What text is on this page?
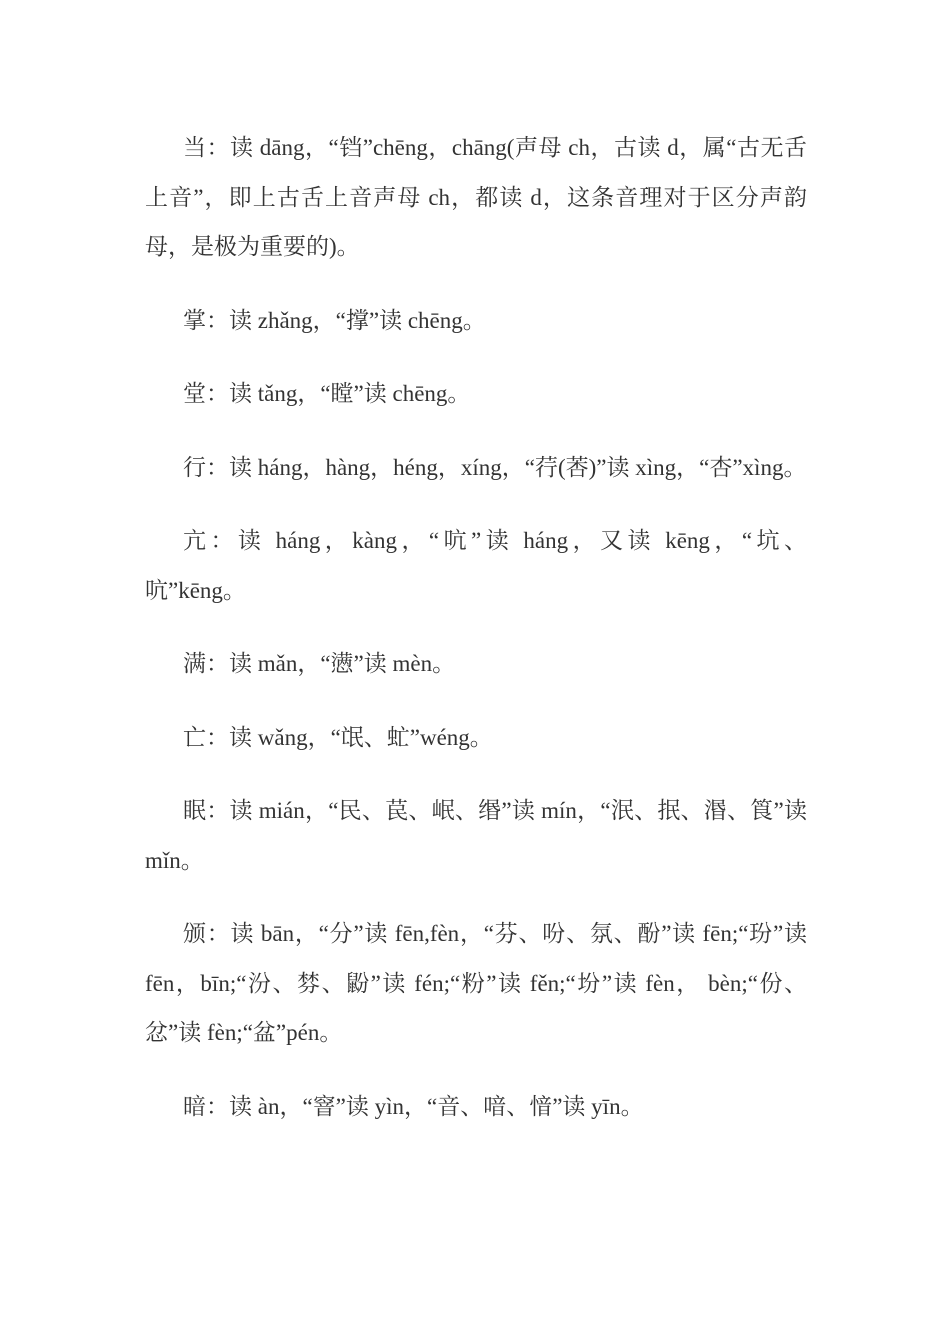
当：读 dāng，“铛”chēng，chāng(声母 ch，古读 d，属“古无舌上音”，即上古舌上音声母 ch，都读 d，这条音理对于区分声韵母，是极为重要的)。

掌：读 zhǎng，“撑”读 chēng。

堂：读 tǎng，“瞠”读 chēng。

行：读 háng，hàng，héng，xíng，“荇(莕)”读 xìng，“杏”xìng。

亢：读 háng，kàng，“吭”读 háng，又读 kēng，“坑、吭”kēng。

满：读 mǎn，“懑”读 mèn。

亡：读 wǎng，“氓、虻”wéng。

眠：读 mián，“民、苠、岷、缗”读 mín，“泯、抿、湣、筤”读 mǐn。

颁：读 bān，“分”读 fēn,fèn，“芬、吩、氛、酚”读 fēn;“玢”读 fēn，bīn;“汾、棼、鼢”读 fén;“粉”读 fěn;“坋”读 fèn， bèn;“份、忿”读 fèn;“盆”pén。

暗：读 àn，“窨”读 yìn，“音、喑、愔”读 yīn。
